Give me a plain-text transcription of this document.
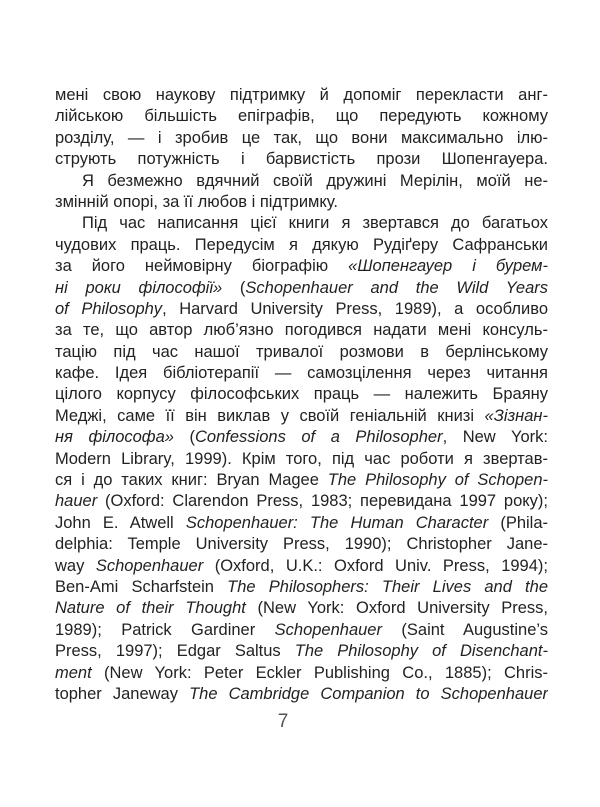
мені свою наукову підтримку й допоміг перекласти анг-
лійською більшість епіграфів, що передують кожному
розділу, — і зробив це так, що вони максимально ілю-
струють потужність і барвистість прози Шопенгауера.
Я безмежно вдячний своїй дружині Мерілін, моїй не-
змінній опорі, за її любов і підтримку.
Під час написання цієї книги я звертався до багатьох
чудових праць. Передусім я дякую Рудіґеру Сафранськи
за його неймовірну біографію «Шопенгауер і бурем-
ні роки філософії» (Schopenhauer and the Wild Years
of Philosophy, Harvard University Press, 1989), а особливо
за те, що автор люб’язно погодився надати мені консуль-
тацію під час нашої тривалої розмови в берлінському
кафе. Ідея бібліотерапії — самозцілення через читання
цілого корпусу філософських праць — належить Браяну
Меджі, саме її він виклав у своїй геніальній книзі «Зізнан-
ня філософа» (Confessions of a Philosopher, New York:
Modern Library, 1999). Крім того, під час роботи я звертав-
ся і до таких книг: Bryan Magee The Philosophy of Schopen-
hauer (Oxford: Clarendon Press, 1983; перевидана 1997 року);
John E. Atwell Schopenhauer: The Human Character (Phila-
delphia: Temple University Press, 1990); Christopher Jane-
way Schopenhauer (Oxford, U.K.: Oxford Univ. Press, 1994);
Ben-Ami Scharfstein The Philosophers: Their Lives and the
Nature of their Thought (New York: Oxford University Press,
1989); Patrick Gardiner Schopenhauer (Saint Augustine’s
Press, 1997); Edgar Saltus The Philosophy of Disenchant-
ment (New York: Peter Eckler Publishing Co., 1885); Chris-
topher Janeway The Cambridge Companion to Schopenhauer
7
